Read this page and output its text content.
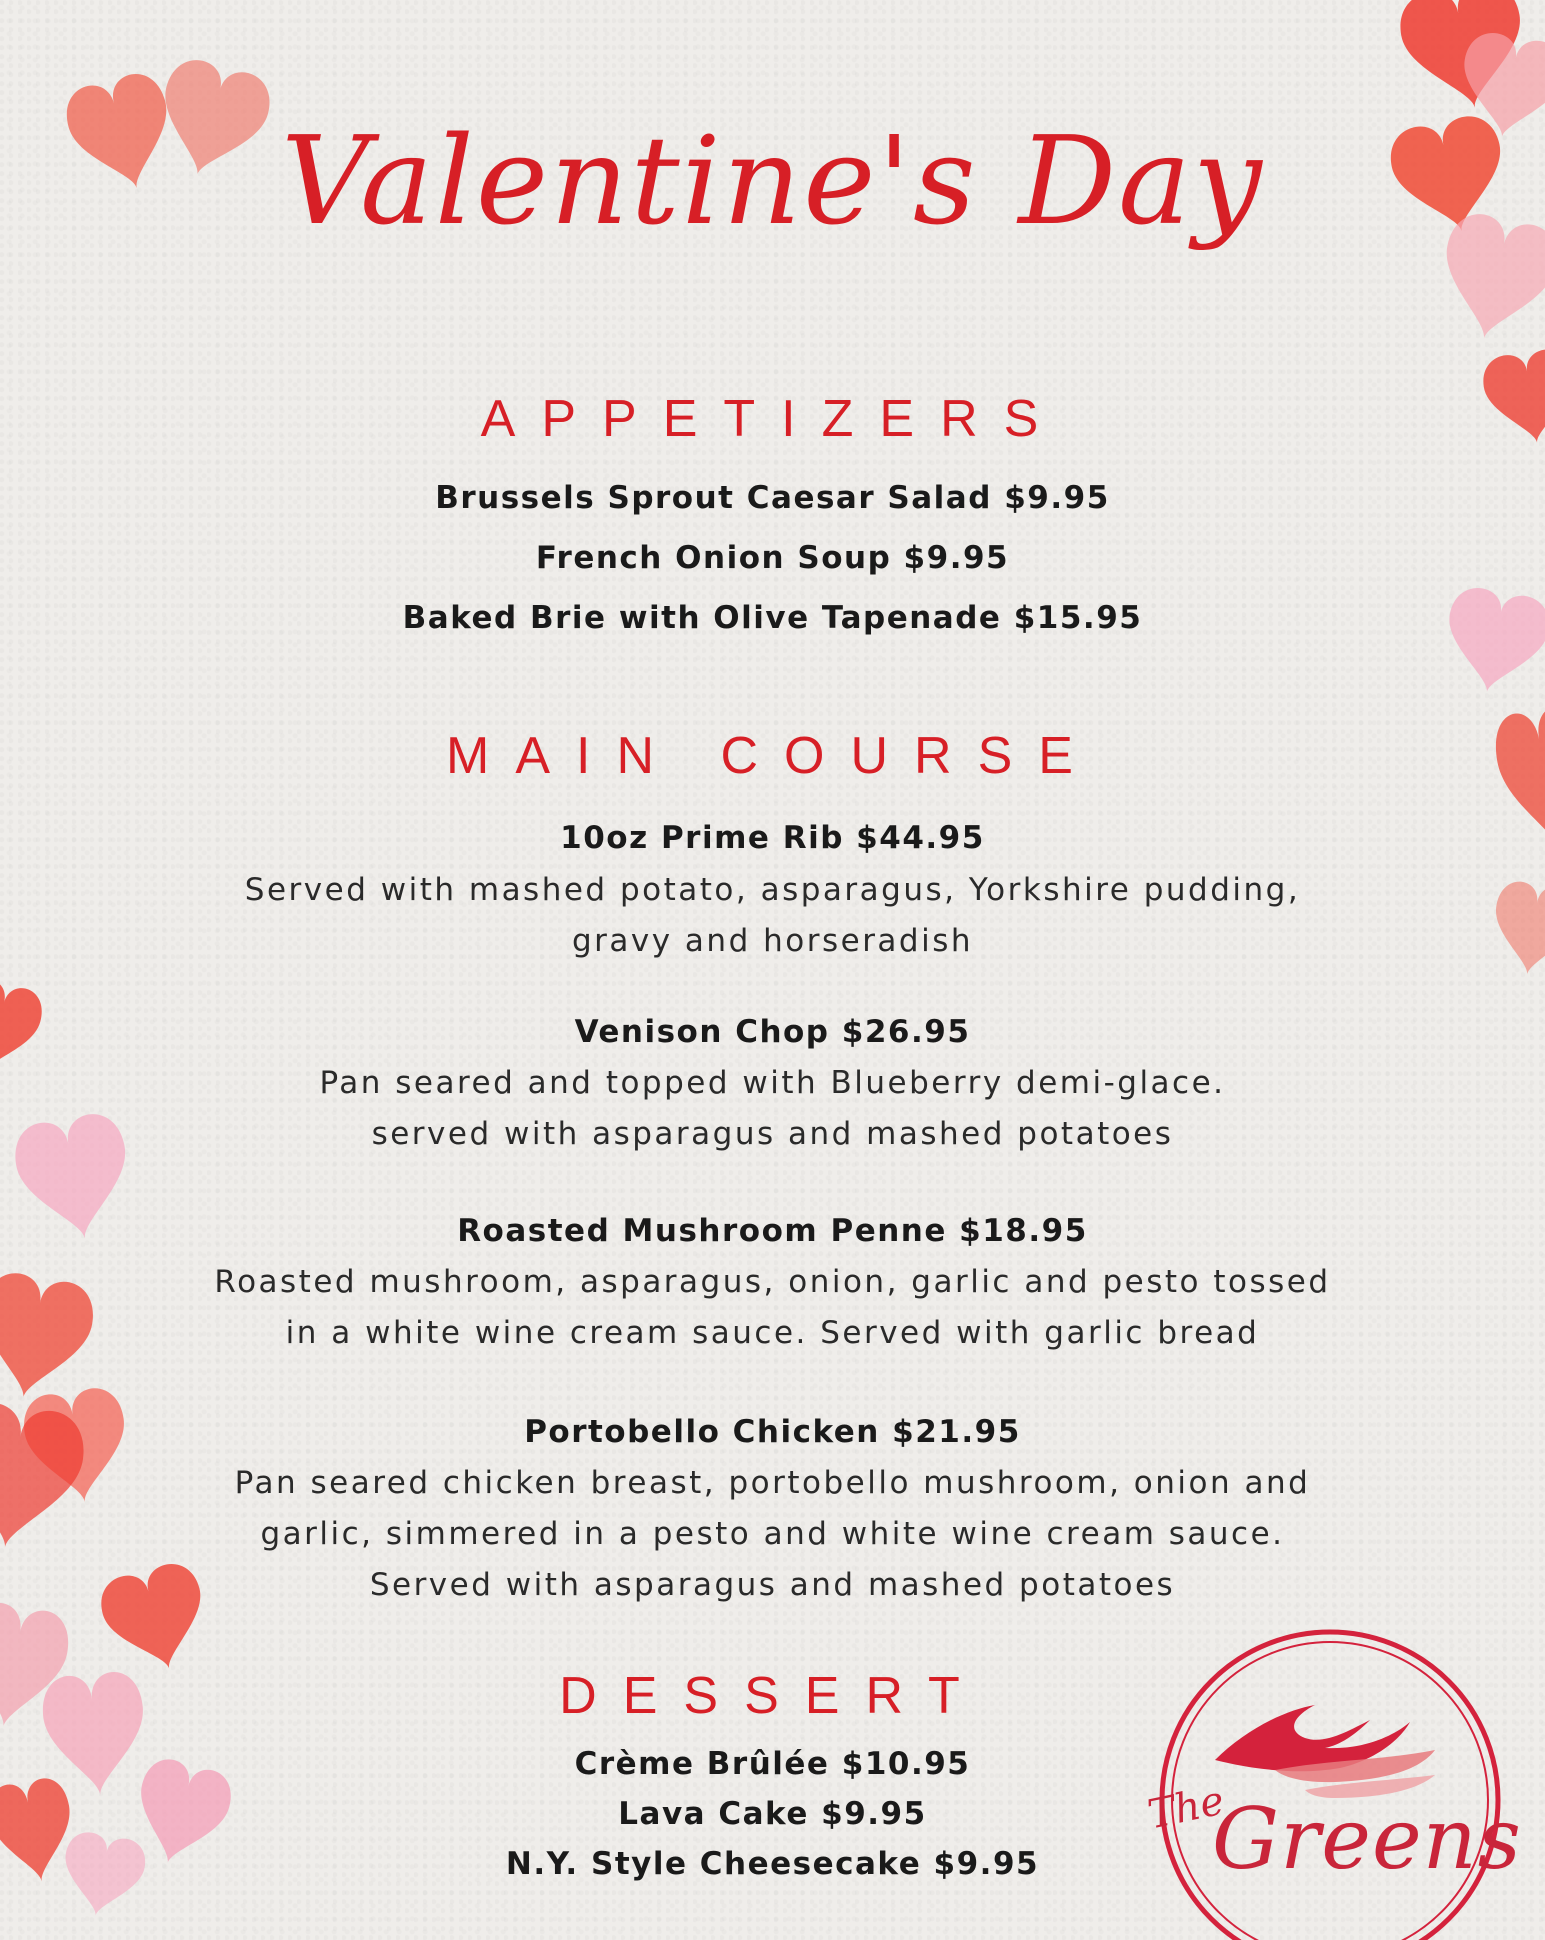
Valentine's Day
APPETIZERS
Brussels Sprout Caesar Salad $9.95
French Onion Soup $9.95
Baked Brie with Olive Tapenade $15.95
MAIN COURSE
10oz Prime Rib $44.95
Served with mashed potato, asparagus, Yorkshire pudding,
gravy and horseradish
Venison Chop $26.95
Pan seared and topped with Blueberry demi-glace.
served with asparagus and mashed potatoes
Roasted Mushroom Penne $18.95
Roasted mushroom, asparagus, onion, garlic and pesto tossed
in a white wine cream sauce. Served with garlic bread
Portobello Chicken $21.95
Pan seared chicken breast, portobello mushroom, onion and
garlic, simmered in a pesto and white wine cream sauce.
Served with asparagus and mashed potatoes
DESSERT
Crème Brûlée $10.95
Lava Cake $9.95
N.Y. Style Cheesecake $9.95
The
Greens
